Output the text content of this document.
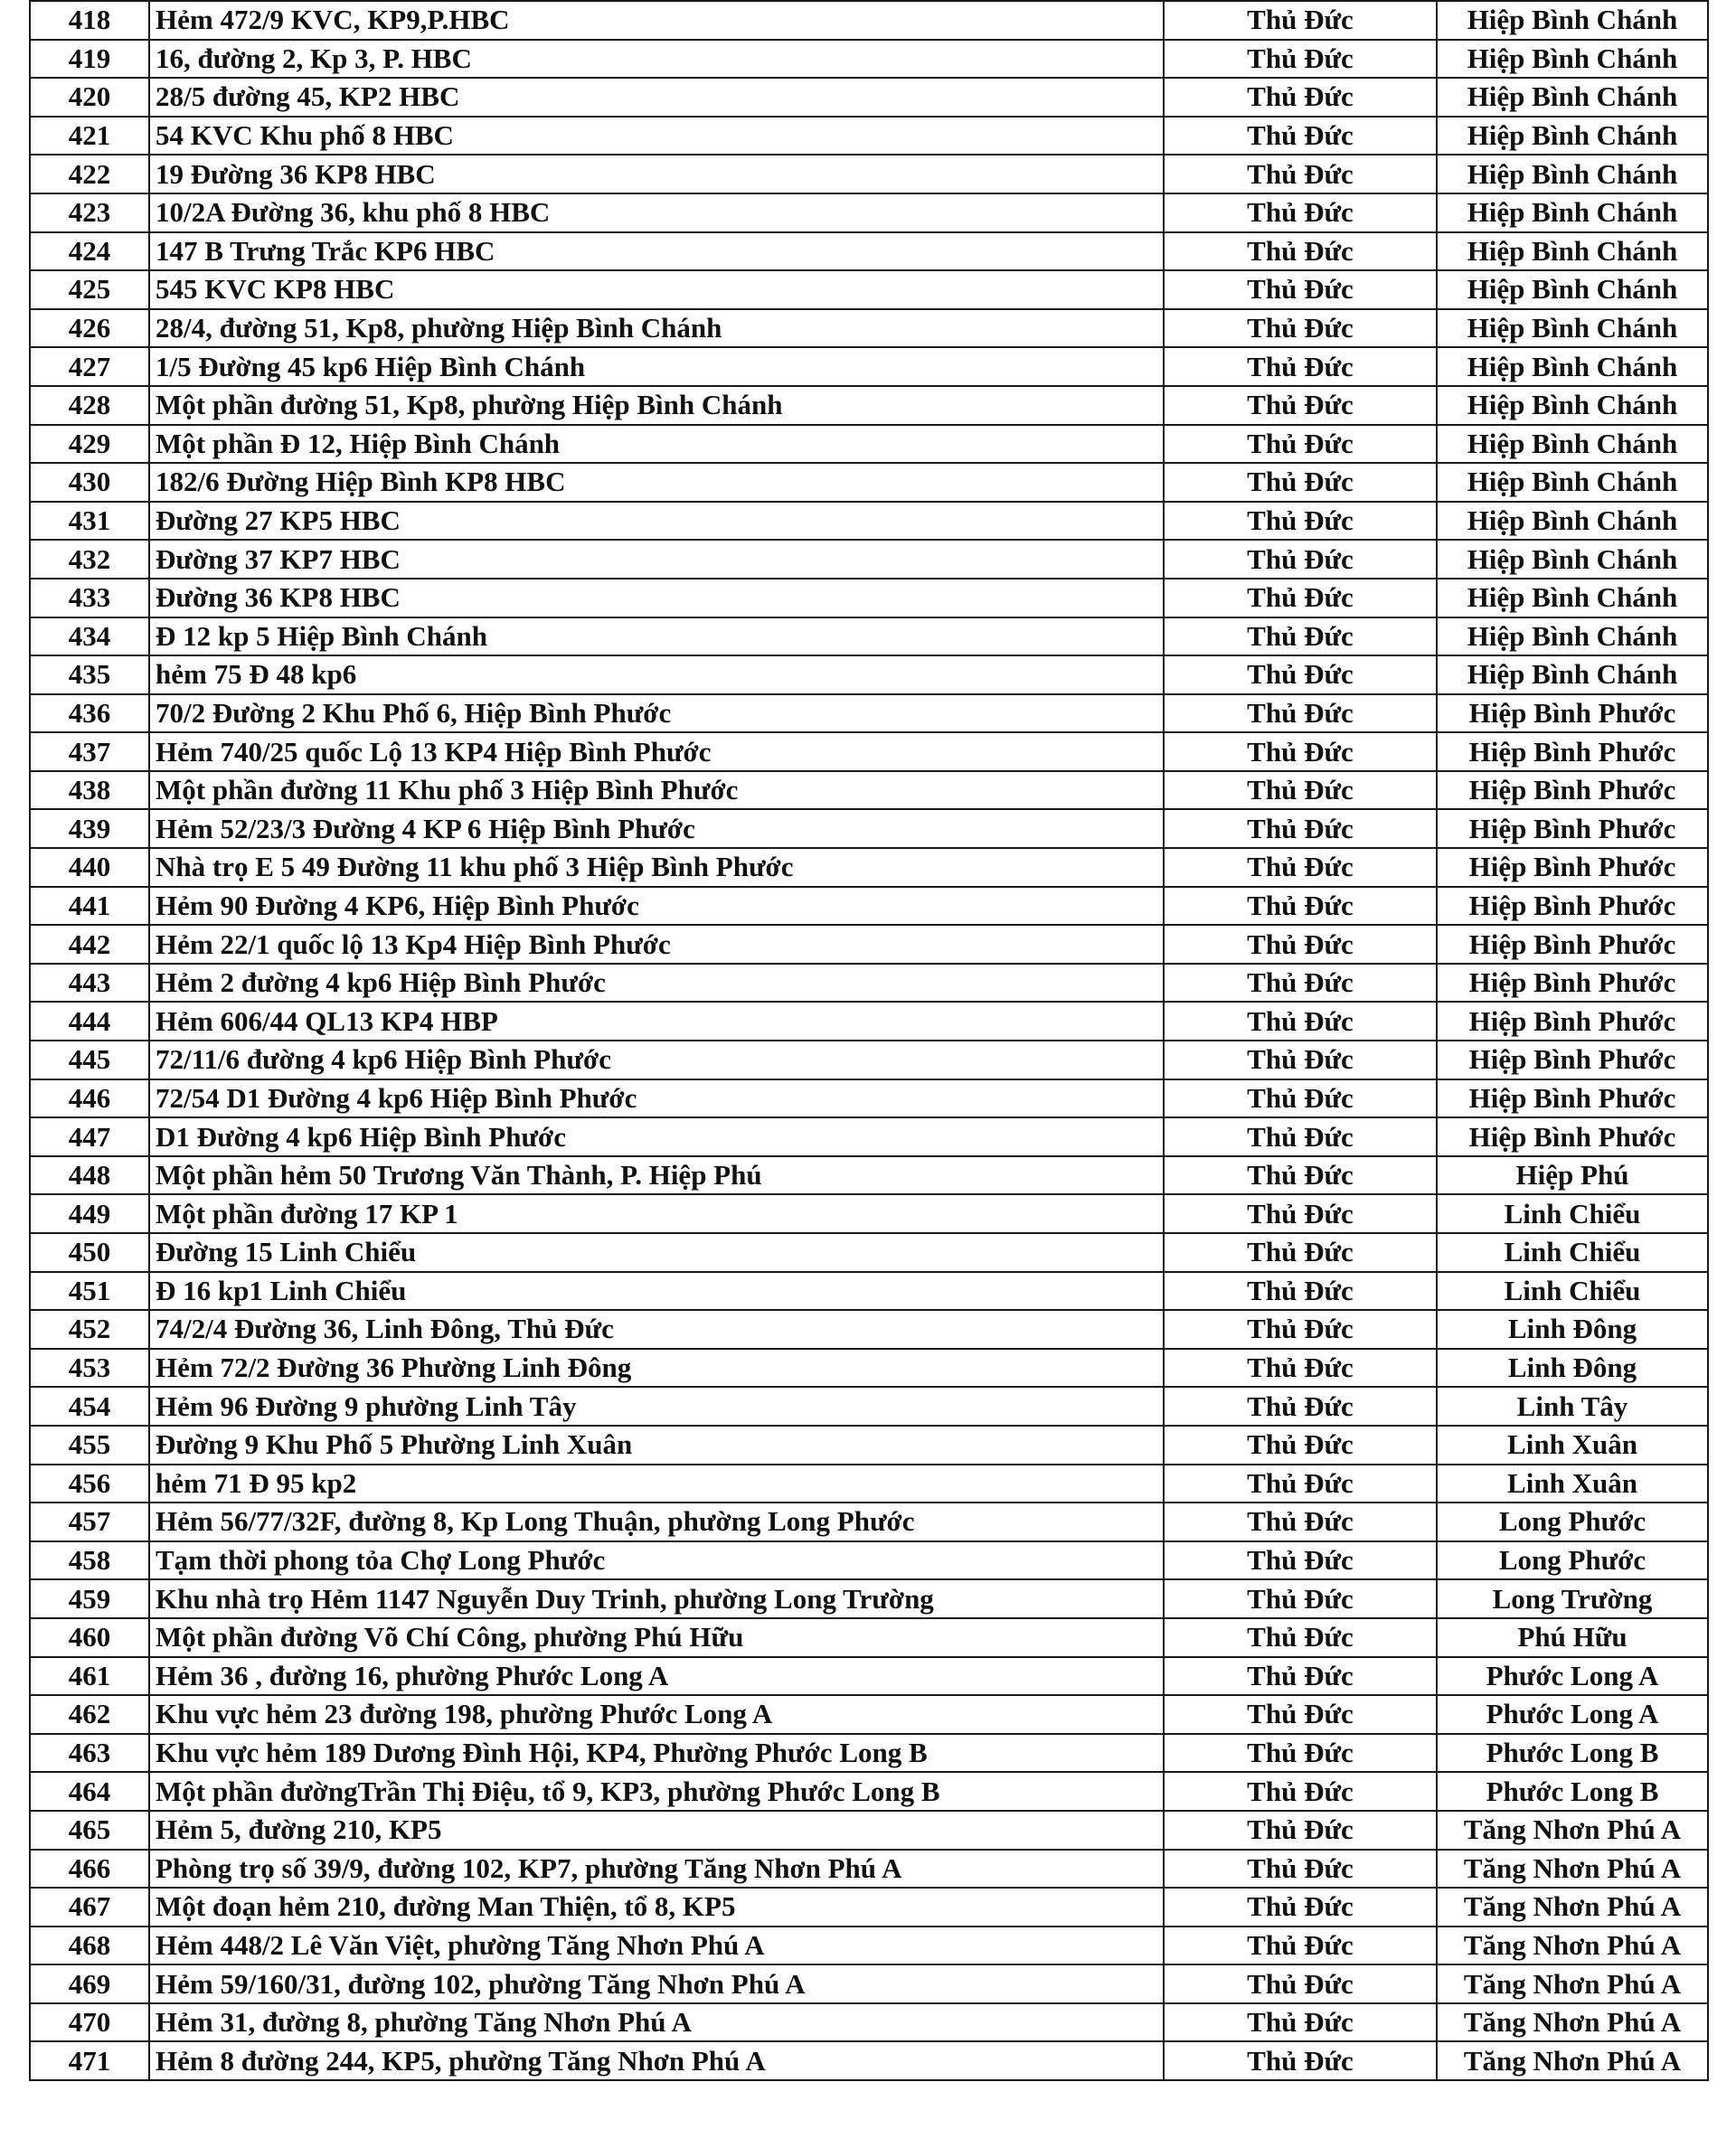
418	Hẻm 472/9 KVC, KP9,P.HBC	Thủ Đức	Hiệp Bình Chánh
419	16, đường 2, Kp 3, P. HBC	Thủ Đức	Hiệp Bình Chánh
420	28/5 đường 45, KP2 HBC	Thủ Đức	Hiệp Bình Chánh
421	54 KVC Khu phố 8 HBC	Thủ Đức	Hiệp Bình Chánh
422	19 Đường 36 KP8 HBC	Thủ Đức	Hiệp Bình Chánh
423	10/2A Đường 36, khu phố 8 HBC	Thủ Đức	Hiệp Bình Chánh
424	147 B Trưng Trắc KP6 HBC	Thủ Đức	Hiệp Bình Chánh
425	545 KVC KP8 HBC	Thủ Đức	Hiệp Bình Chánh
426	28/4, đường 51, Kp8, phường Hiệp Bình Chánh	Thủ Đức	Hiệp Bình Chánh
427	1/5 Đường 45 kp6 Hiệp Bình Chánh	Thủ Đức	Hiệp Bình Chánh
428	Một phần đường 51, Kp8, phường Hiệp Bình Chánh	Thủ Đức	Hiệp Bình Chánh
429	Một phần Đ 12, Hiệp Bình Chánh	Thủ Đức	Hiệp Bình Chánh
430	182/6 Đường Hiệp Bình KP8 HBC	Thủ Đức	Hiệp Bình Chánh
431	Đường 27 KP5 HBC	Thủ Đức	Hiệp Bình Chánh
432	Đường 37 KP7 HBC	Thủ Đức	Hiệp Bình Chánh
433	Đường 36 KP8 HBC	Thủ Đức	Hiệp Bình Chánh
434	Đ 12 kp 5 Hiệp Bình Chánh	Thủ Đức	Hiệp Bình Chánh
435	hẻm 75 Đ 48 kp6	Thủ Đức	Hiệp Bình Chánh
436	70/2 Đường 2 Khu Phố 6, Hiệp Bình Phước	Thủ Đức	Hiệp Bình Phước
437	Hẻm 740/25 quốc Lộ 13 KP4 Hiệp Bình Phước	Thủ Đức	Hiệp Bình Phước
438	Một phần đường 11 Khu phố 3 Hiệp Bình Phước	Thủ Đức	Hiệp Bình Phước
439	Hẻm 52/23/3 Đường 4 KP 6 Hiệp Bình Phước	Thủ Đức	Hiệp Bình Phước
440	Nhà trọ E 5 49 Đường 11 khu phố 3 Hiệp Bình Phước	Thủ Đức	Hiệp Bình Phước
441	Hẻm 90 Đường 4 KP6, Hiệp Bình Phước	Thủ Đức	Hiệp Bình Phước
442	Hẻm 22/1 quốc lộ 13 Kp4 Hiệp Bình Phước	Thủ Đức	Hiệp Bình Phước
443	Hẻm 2 đường 4 kp6 Hiệp Bình Phước	Thủ Đức	Hiệp Bình Phước
444	Hẻm 606/44 QL13 KP4 HBP	Thủ Đức	Hiệp Bình Phước
445	72/11/6 đường 4 kp6 Hiệp Bình Phước	Thủ Đức	Hiệp Bình Phước
446	72/54 D1 Đường 4 kp6 Hiệp Bình Phước	Thủ Đức	Hiệp Bình Phước
447	D1 Đường 4 kp6 Hiệp Bình Phước	Thủ Đức	Hiệp Bình Phước
448	Một phần hẻm 50 Trương Văn Thành, P. Hiệp Phú	Thủ Đức	Hiệp Phú
449	Một phần đường 17 KP 1	Thủ Đức	Linh Chiểu
450	Đường 15 Linh Chiểu	Thủ Đức	Linh Chiểu
451	Đ 16 kp1 Linh Chiểu	Thủ Đức	Linh Chiểu
452	74/2/4 Đường 36, Linh Đông, Thủ Đức	Thủ Đức	Linh Đông
453	Hẻm 72/2 Đường 36 Phường Linh Đông	Thủ Đức	Linh Đông
454	Hẻm 96 Đường 9 phường Linh Tây	Thủ Đức	Linh Tây
455	Đường 9 Khu Phố 5 Phường Linh Xuân	Thủ Đức	Linh Xuân
456	hẻm 71 Đ 95 kp2	Thủ Đức	Linh Xuân
457	Hẻm 56/77/32F, đường 8, Kp Long Thuận, phường Long Phước	Thủ Đức	Long Phước
458	Tạm thời phong tỏa Chợ Long Phước	Thủ Đức	Long Phước
459	Khu nhà trọ Hẻm 1147 Nguyễn Duy Trinh, phường Long Trường	Thủ Đức	Long Trường
460	Một phần đường Võ Chí Công, phường Phú Hữu	Thủ Đức	Phú Hữu
461	Hẻm 36 , đường 16, phường Phước Long A	Thủ Đức	Phước Long A
462	Khu vực hẻm 23 đường 198, phường Phước Long A	Thủ Đức	Phước Long A
463	Khu vực hẻm 189 Dương Đình Hội, KP4, Phường Phước Long B	Thủ Đức	Phước Long B
464	Một phần đườngTrần Thị Điệu, tổ 9, KP3, phường Phước Long B	Thủ Đức	Phước Long B
465	Hẻm 5, đường 210, KP5	Thủ Đức	Tăng Nhơn Phú A
466	Phòng trọ số 39/9, đường 102, KP7, phường Tăng Nhơn Phú A	Thủ Đức	Tăng Nhơn Phú A
467	Một đoạn hẻm 210, đường Man Thiện, tổ 8, KP5	Thủ Đức	Tăng Nhơn Phú A
468	Hẻm 448/2 Lê Văn Việt, phường Tăng Nhơn Phú A	Thủ Đức	Tăng Nhơn Phú A
469	Hẻm 59/160/31, đường 102, phường Tăng Nhơn Phú A	Thủ Đức	Tăng Nhơn Phú A
470	Hẻm 31, đường 8, phường Tăng Nhơn Phú A	Thủ Đức	Tăng Nhơn Phú A
471	Hẻm 8 đường 244, KP5, phường Tăng Nhơn Phú A	Thủ Đức	Tăng Nhơn Phú A
